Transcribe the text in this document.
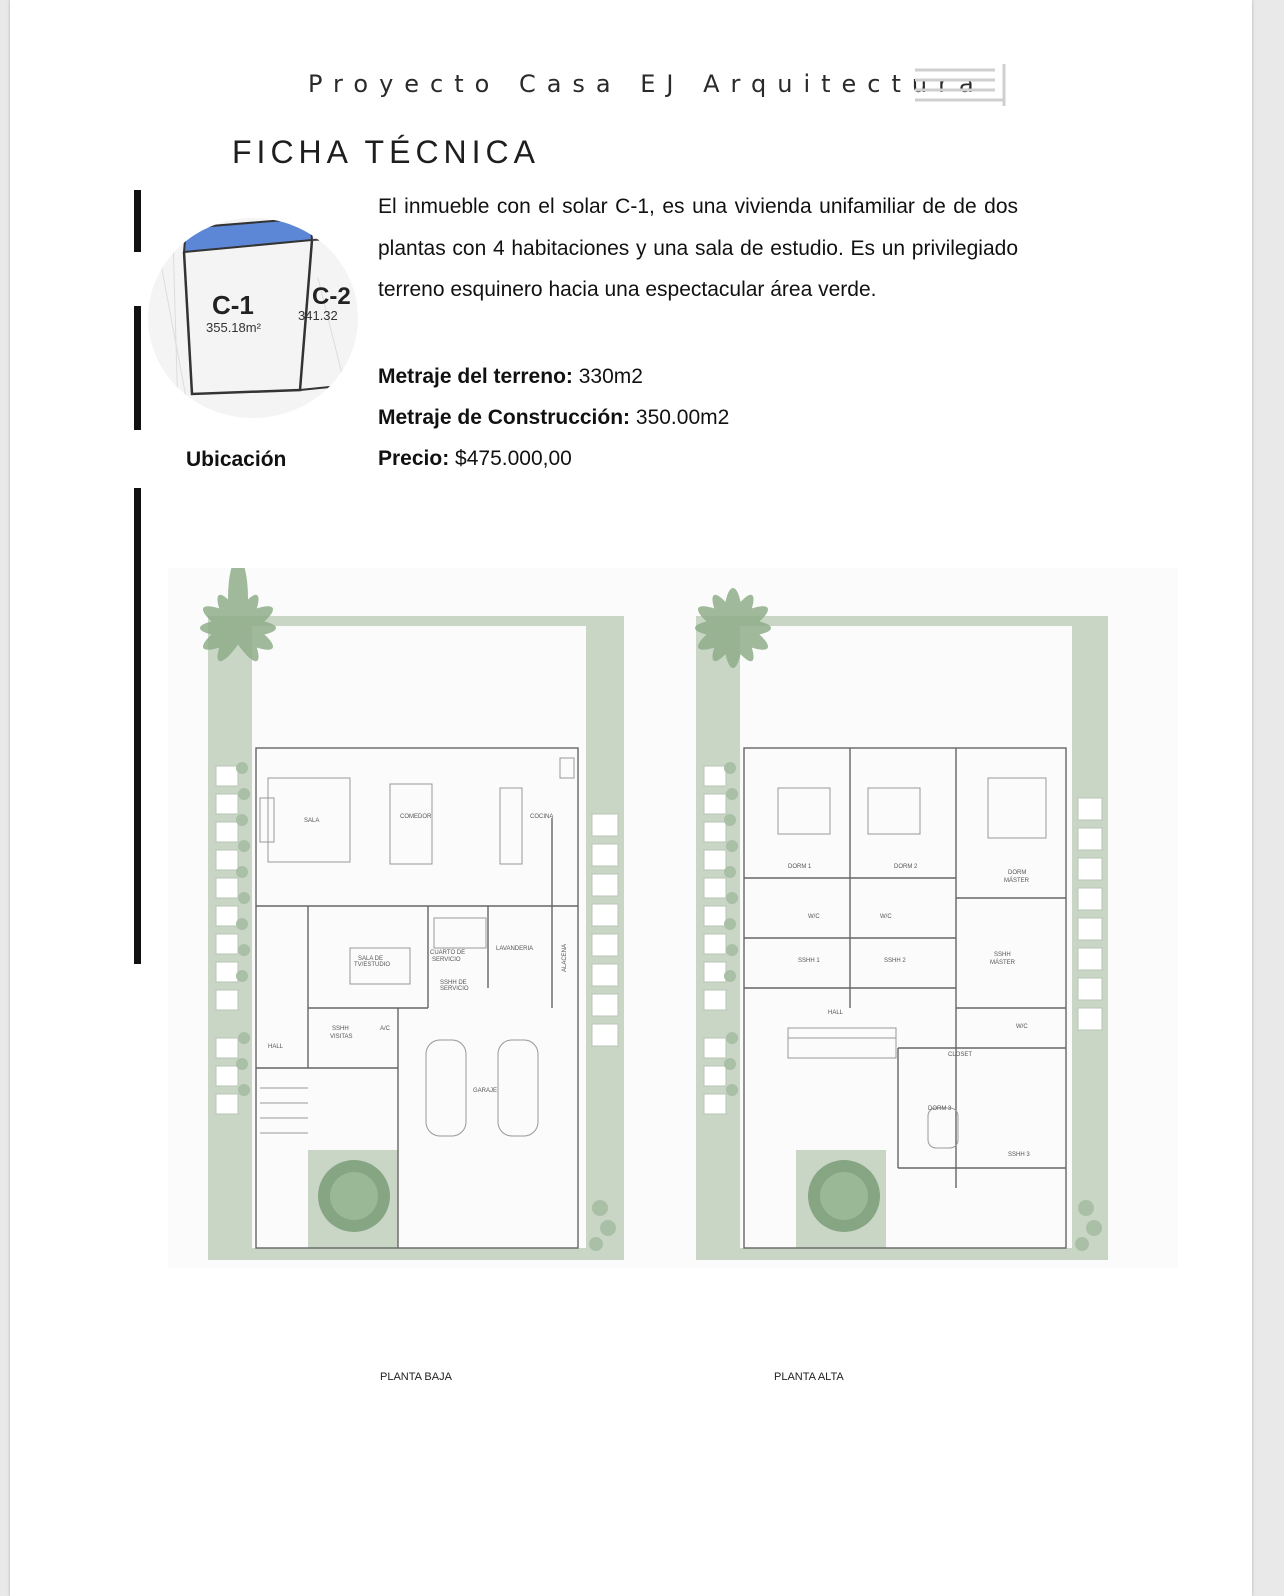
Proyecto Casa EJ Arquitectura
FICHA TÉCNICA
C-1
355.18m²
C-2
341.32
Ubicación

El inmueble con el solar C-1, es una vivienda unifamiliar de de dos plantas con 4 habitaciones y una sala de estudio. Es un privilegiado terreno esquinero hacia una espectacular área verde.

Metraje del terreno: 330m2
Metraje de Construcción: 350.00m2
Precio: $475.000,00
SALA
COMEDOR	COCINA
SALA DE
TV/ESTUDIO
CUARTO DE
SERVICIO
LAVANDERIA
SSHH DE
SERVICIO
SSHH
VISITAS
A/C
HALL
GARAJE
ALACENA
DORM 1	DORM 2
DORM
MÁSTER
W/C	W/C
SSHH 1	SSHH 2
SSHH
MÁSTER
W/C
HALL
CLOSET
DORM 3
SSHH 3
PLANTA BAJA	PLANTA ALTA
